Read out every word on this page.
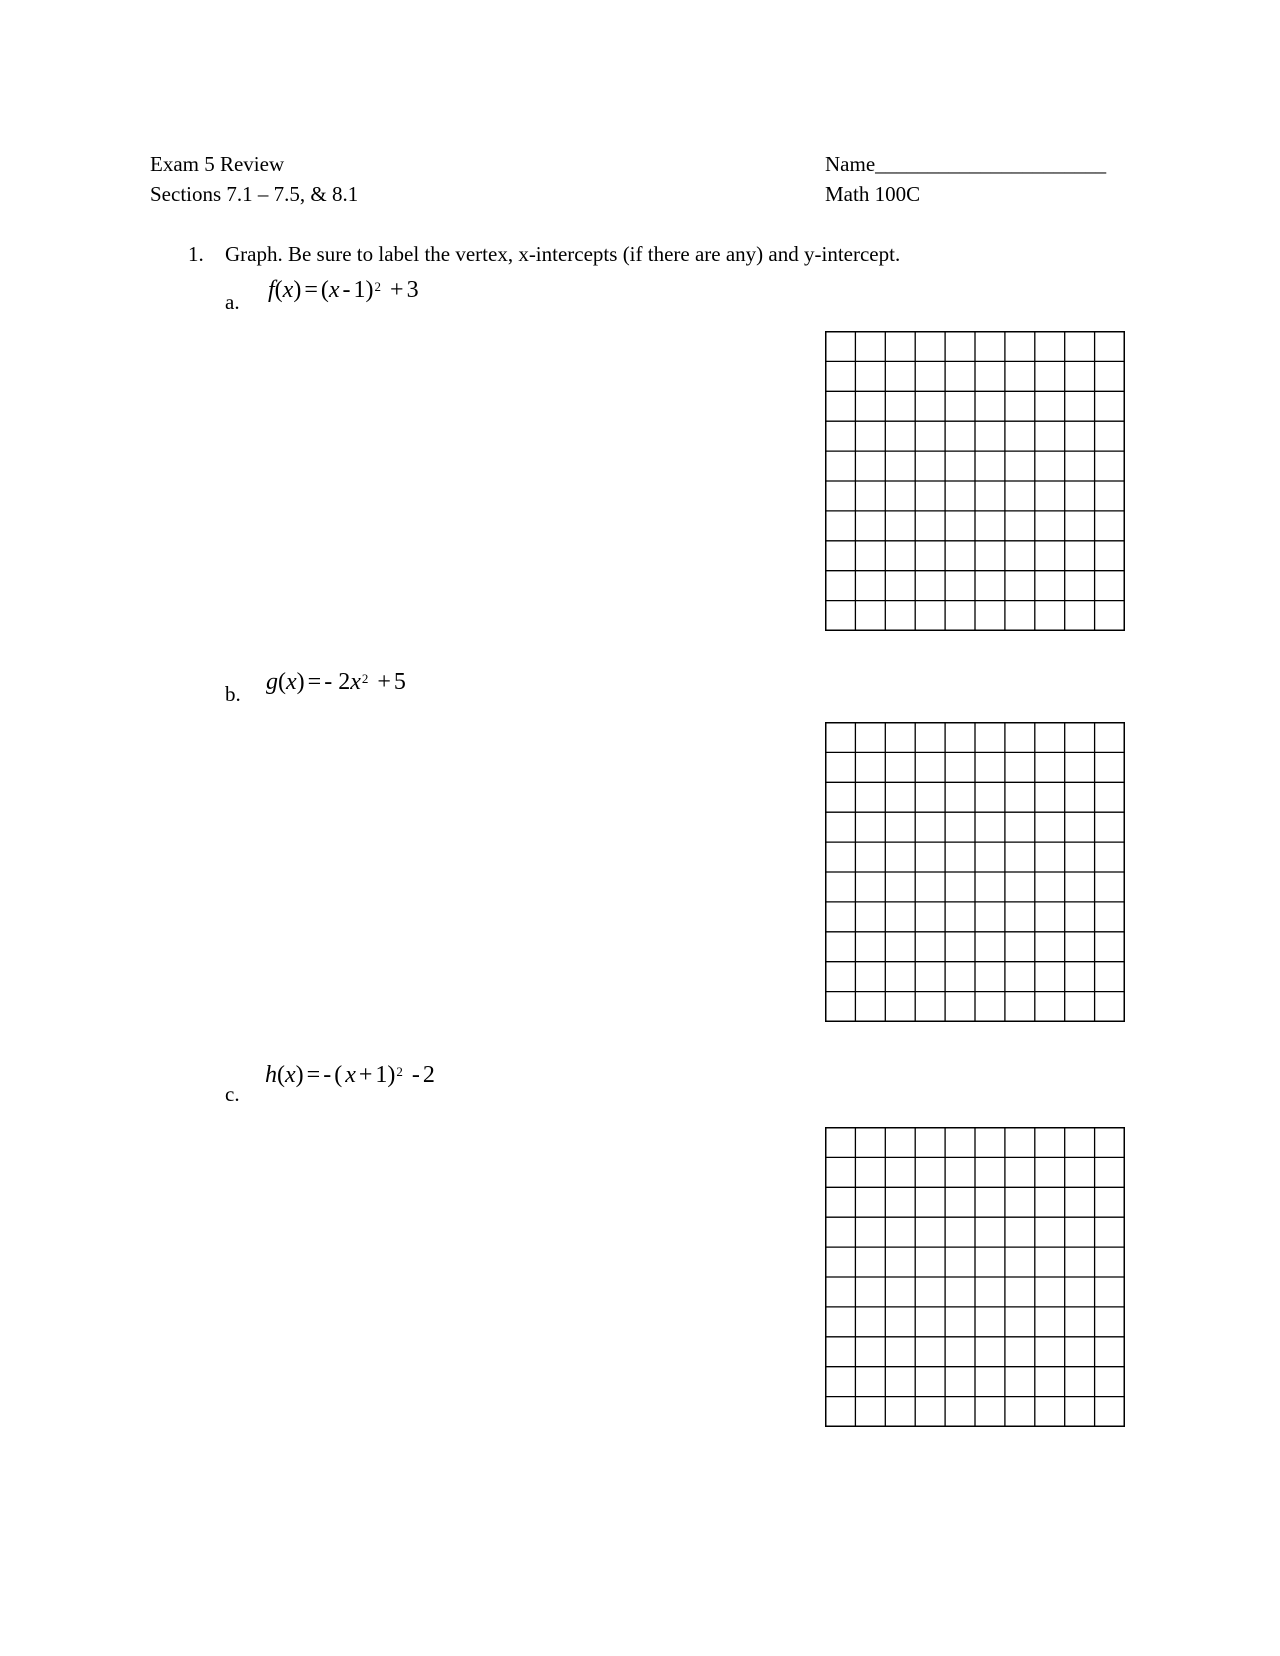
Exam 5 Review
Sections 7.1 – 7.5, & 8.1
Name______________________
Math 100C
1. Graph. Be sure to label the vertex, x-intercepts (if there are any) and y-intercept.
a. f(x) = (x - 1)$^2$ + 3
b. g(x) = - $2x^2 + 5$
c.
h(x) = - ( x + 1)$^2$ - 2
